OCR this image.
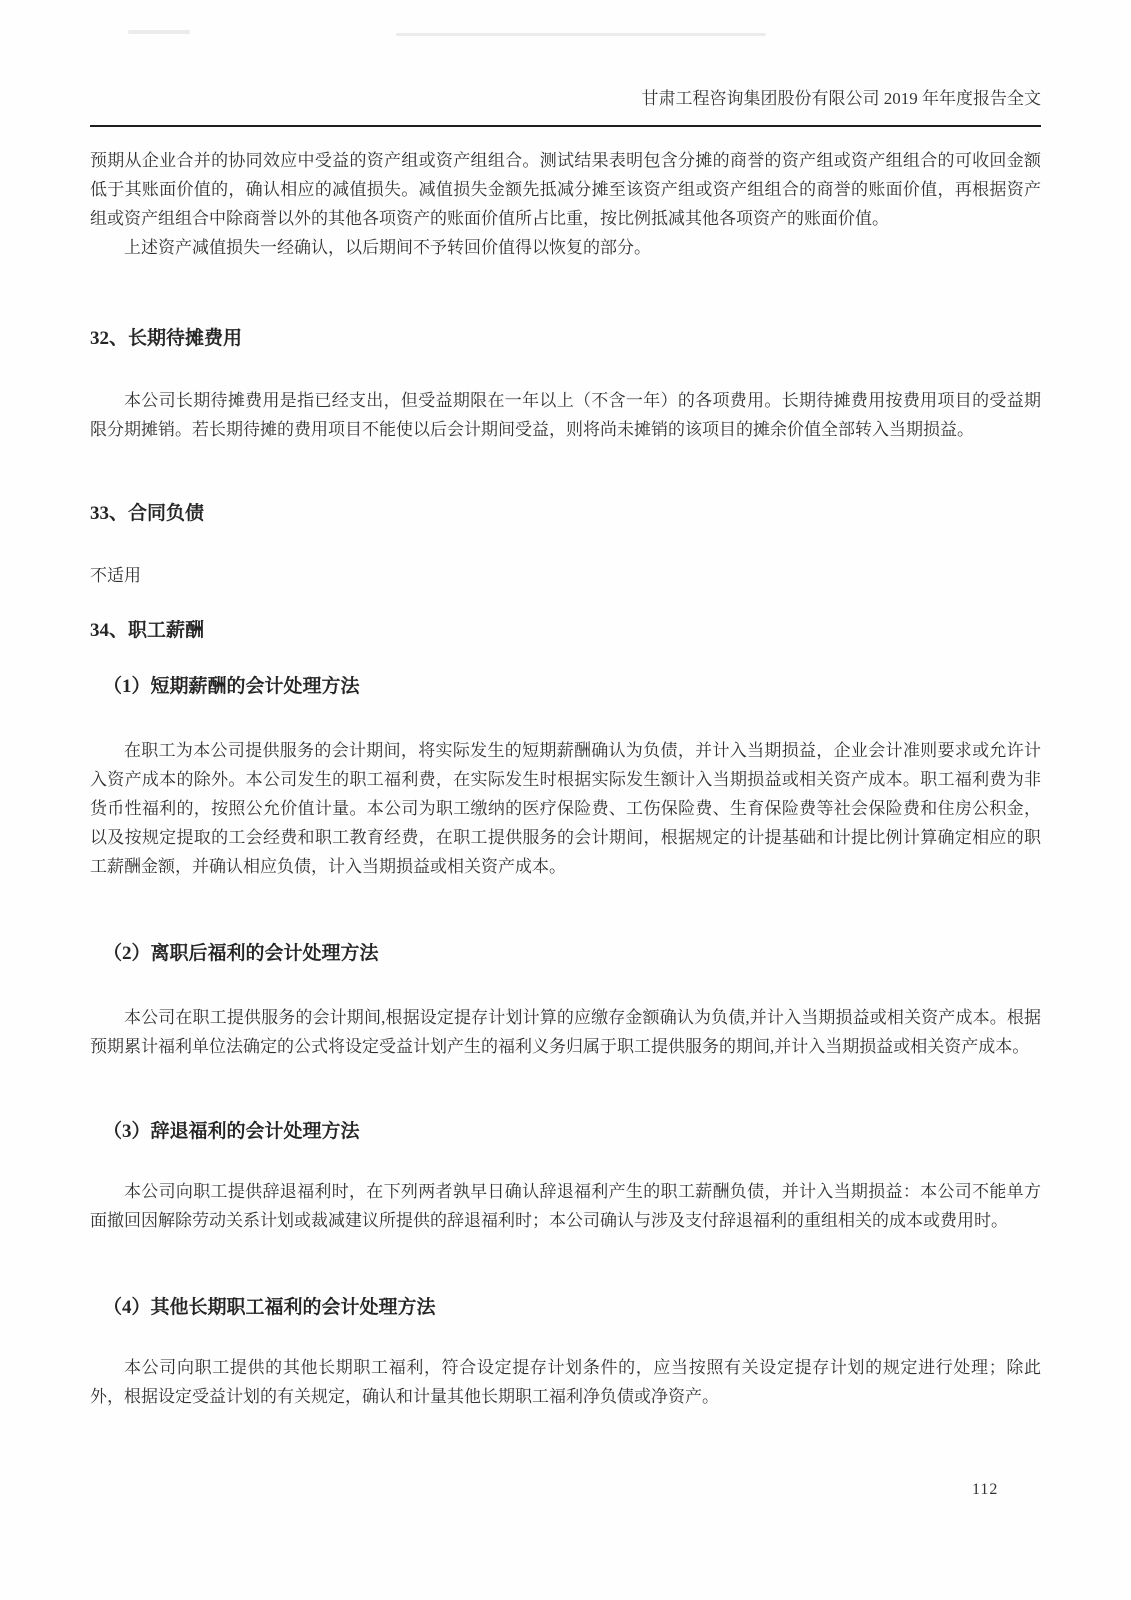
甘肃工程咨询集团股份有限公司 2019 年年度报告全文

预期从企业合并的协同效应中受益的资产组或资产组组合。测试结果表明包含分摊的商誉的资产组或资产组组合的可收回金额低于其账面价值的，确认相应的减值损失。减值损失金额先抵减分摊至该资产组或资产组组合的商誉的账面价值，再根据资产组或资产组组合中除商誉以外的其他各项资产的账面价值所占比重，按比例抵减其他各项资产的账面价值。

上述资产减值损失一经确认，以后期间不予转回价值得以恢复的部分。

32、长期待摊费用

本公司长期待摊费用是指已经支出，但受益期限在一年以上（不含一年）的各项费用。长期待摊费用按费用项目的受益期限分期摊销。若长期待摊的费用项目不能使以后会计期间受益，则将尚未摊销的该项目的摊余价值全部转入当期损益。

33、合同负债

不适用

34、职工薪酬
（1）短期薪酬的会计处理方法

在职工为本公司提供服务的会计期间，将实际发生的短期薪酬确认为负债，并计入当期损益，企业会计准则要求或允许计入资产成本的除外。本公司发生的职工福利费，在实际发生时根据实际发生额计入当期损益或相关资产成本。职工福利费为非货币性福利的，按照公允价值计量。本公司为职工缴纳的医疗保险费、工伤保险费、生育保险费等社会保险费和住房公积金，以及按规定提取的工会经费和职工教育经费，在职工提供服务的会计期间，根据规定的计提基础和计提比例计算确定相应的职工薪酬金额，并确认相应负债，计入当期损益或相关资产成本。

（2）离职后福利的会计处理方法

本公司在职工提供服务的会计期间,根据设定提存计划计算的应缴存金额确认为负债,并计入当期损益或相关资产成本。根据预期累计福利单位法确定的公式将设定受益计划产生的福利义务归属于职工提供服务的期间,并计入当期损益或相关资产成本。

（3）辞退福利的会计处理方法

本公司向职工提供辞退福利时，在下列两者孰早日确认辞退福利产生的职工薪酬负债，并计入当期损益：本公司不能单方面撤回因解除劳动关系计划或裁减建议所提供的辞退福利时；本公司确认与涉及支付辞退福利的重组相关的成本或费用时。

（4）其他长期职工福利的会计处理方法

本公司向职工提供的其他长期职工福利，符合设定提存计划条件的，应当按照有关设定提存计划的规定进行处理；除此外，根据设定受益计划的有关规定，确认和计量其他长期职工福利净负债或净资产。

112
